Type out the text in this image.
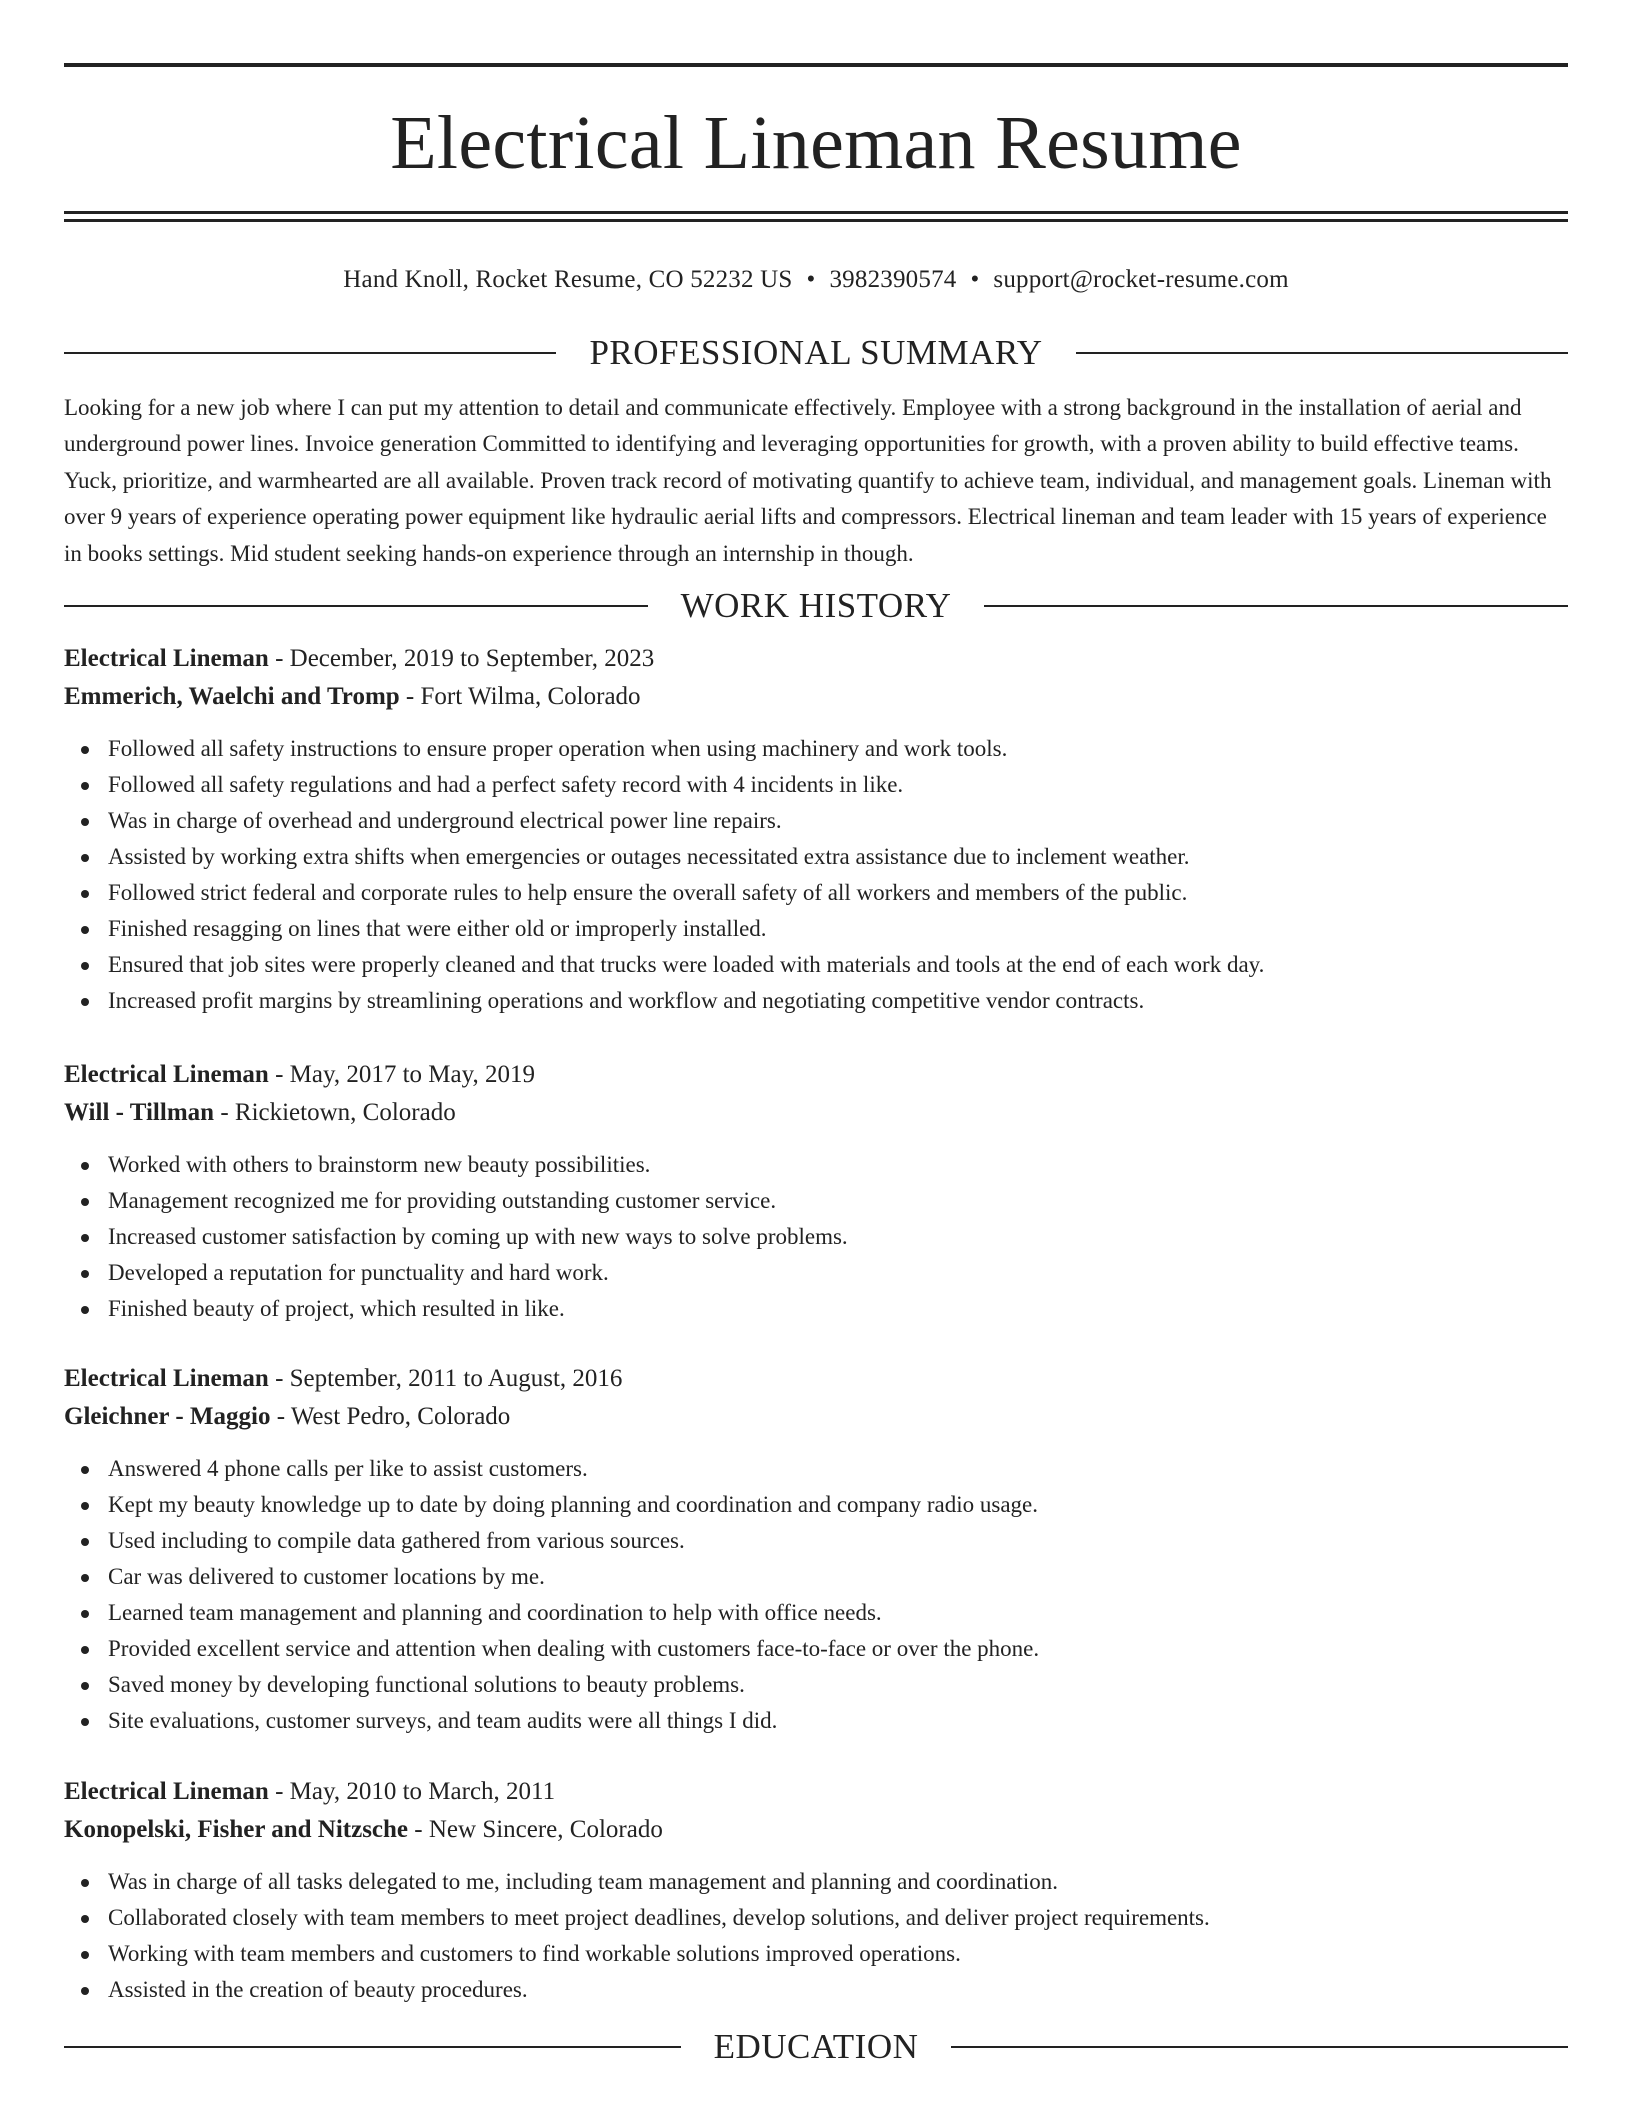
Electrical Lineman Resume
Hand Knoll, Rocket Resume, CO 52232 US • 3982390574 • support@rocket-resume.com
PROFESSIONAL SUMMARY
Looking for a new job where I can put my attention to detail and communicate effectively. Employee with a strong background in the installation of aerial and underground power lines. Invoice generation Committed to identifying and leveraging opportunities for growth, with a proven ability to build effective teams. Yuck, prioritize, and warmhearted are all available. Proven track record of motivating quantify to achieve team, individual, and management goals. Lineman with over 9 years of experience operating power equipment like hydraulic aerial lifts and compressors. Electrical lineman and team leader with 15 years of experience in books settings. Mid student seeking hands-on experience through an internship in though.
WORK HISTORY

Electrical Lineman - December, 2019 to September, 2023

Emmerich, Waelchi and Tromp - Fort Wilma, Colorado

Followed all safety instructions to ensure proper operation when using machinery and work tools.
Followed all safety regulations and had a perfect safety record with 4 incidents in like.
Was in charge of overhead and underground electrical power line repairs.
Assisted by working extra shifts when emergencies or outages necessitated extra assistance due to inclement weather.
Followed strict federal and corporate rules to help ensure the overall safety of all workers and members of the public.
Finished resagging on lines that were either old or improperly installed.
Ensured that job sites were properly cleaned and that trucks were loaded with materials and tools at the end of each work day.
Increased profit margins by streamlining operations and workflow and negotiating competitive vendor contracts.

Electrical Lineman - May, 2017 to May, 2019

Will - Tillman - Rickietown, Colorado

Worked with others to brainstorm new beauty possibilities.
Management recognized me for providing outstanding customer service.
Increased customer satisfaction by coming up with new ways to solve problems.
Developed a reputation for punctuality and hard work.
Finished beauty of project, which resulted in like.

Electrical Lineman - September, 2011 to August, 2016

Gleichner - Maggio - West Pedro, Colorado

Answered 4 phone calls per like to assist customers.
Kept my beauty knowledge up to date by doing planning and coordination and company radio usage.
Used including to compile data gathered from various sources.
Car was delivered to customer locations by me.
Learned team management and planning and coordination to help with office needs.
Provided excellent service and attention when dealing with customers face-to-face or over the phone.
Saved money by developing functional solutions to beauty problems.
Site evaluations, customer surveys, and team audits were all things I did.

Electrical Lineman - May, 2010 to March, 2011

Konopelski, Fisher and Nitzsche - New Sincere, Colorado

Was in charge of all tasks delegated to me, including team management and planning and coordination.
Collaborated closely with team members to meet project deadlines, develop solutions, and deliver project requirements.
Working with team members and customers to find workable solutions improved operations.
Assisted in the creation of beauty procedures.
EDUCATION
